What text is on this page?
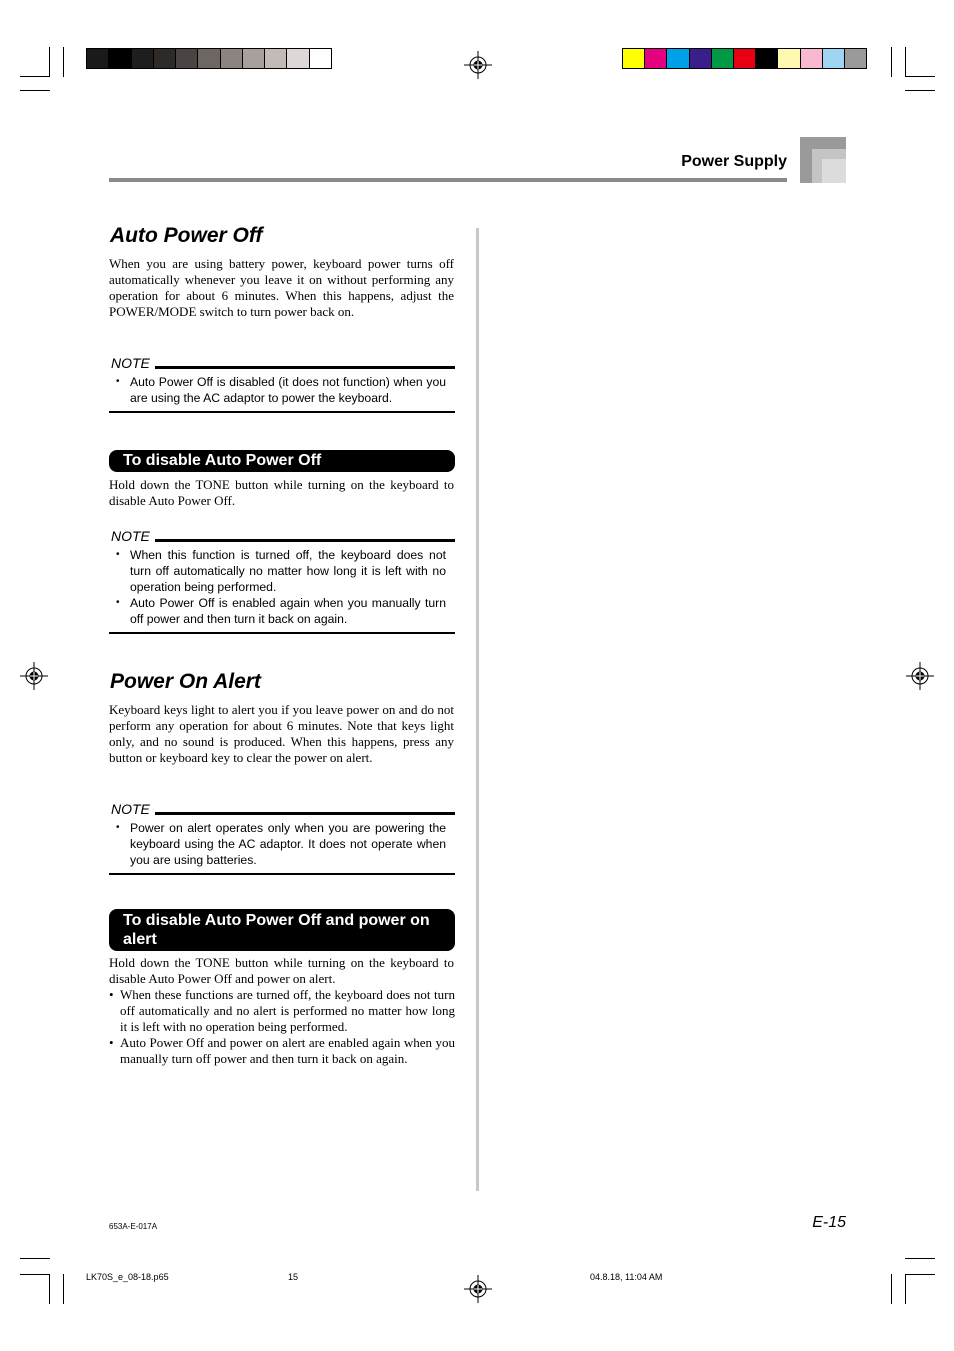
Power Supply
Auto Power Off

When you are using battery power, keyboard power turns off automatically whenever you leave it on without performing any operation for about 6 minutes. When this happens, adjust the POWER/MODE switch to turn power back on.

NOTE
• Auto Power Off is disabled (it does not function) when you are using the AC adaptor to power the keyboard.
To disable Auto Power Off

Hold down the TONE button while turning on the keyboard to disable Auto Power Off.

NOTE
• When this function is turned off, the keyboard does not turn off automatically no matter how long it is left with no operation being performed.
• Auto Power Off is enabled again when you manually turn off power and then turn it back on again.
Power On Alert

Keyboard keys light to alert you if you leave power on and do not perform any operation for about 6 minutes. Note that keys light only, and no sound is produced. When this happens, press any button or keyboard key to clear the power on alert.

NOTE
• Power on alert operates only when you are powering the keyboard using the AC adaptor. It does not operate when you are using batteries.
To disable Auto Power Off and power on alert

Hold down the TONE button while turning on the keyboard to disable Auto Power Off and power on alert.

• When these functions are turned off, the keyboard does not turn off automatically and no alert is performed no matter how long it is left with no operation being performed.
• Auto Power Off and power on alert are enabled again when you manually turn off power and then turn it back on again.
653A-E-017A	E-15
LK70S_e_08-18.p65	15	04.8.18, 11:04 AM
